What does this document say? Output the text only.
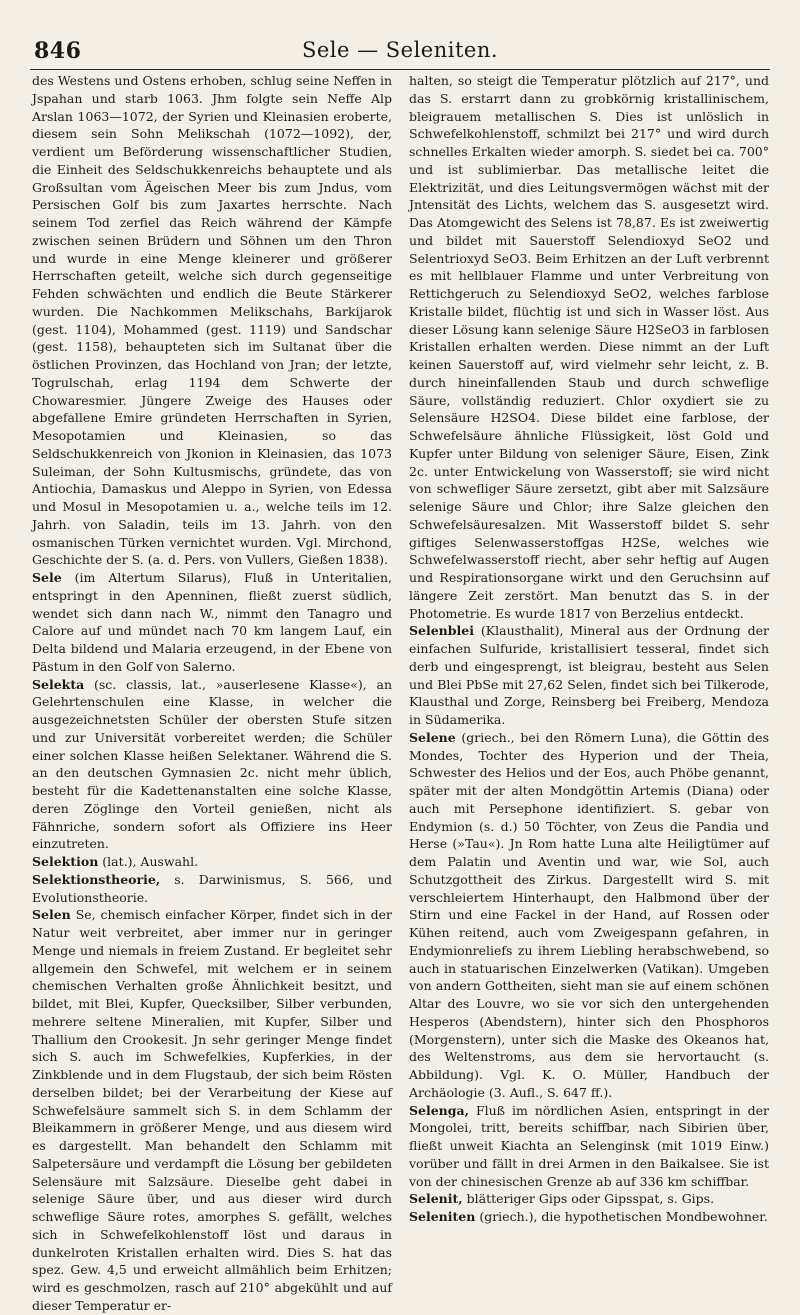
846	Sele — Seleniten.

des Westens und Ostens erhoben, schlug seine Neffen in Jspahan und starb 1063. Jhm folgte sein Neffe Alp Arslan 1063—1072, der Syrien und Kleinasien eroberte, diesem sein Sohn Melikschah (1072—1092), der, verdient um Beförderung wissenschaftlicher Studien, die Einheit des Seldschukkenreichs behauptete und als Großsultan vom Ägeischen Meer bis zum Jndus, vom Persischen Golf bis zum Jaxartes herrschte. Nach seinem Tod zerfiel das Reich während der Kämpfe zwischen seinen Brüdern und Söhnen um den Thron und wurde in eine Menge kleinerer und größerer Herrschaften geteilt, welche sich durch gegenseitige Fehden schwächten und endlich die Beute Stärkerer wurden. Die Nachkommen Melikschahs, Barkijarok (gest. 1104), Mohammed (gest. 1119) und Sandschar (gest. 1158), behaupteten sich im Sultanat über die östlichen Provinzen, das Hochland von Jran; der letzte, Togrulschah, erlag 1194 dem Schwerte der Chowaresmier. Jüngere Zweige des Hauses oder abgefallene Emire gründeten Herrschaften in Syrien, Mesopotamien und Kleinasien, so das Seldschukkenreich von Jkonion in Kleinasien, das 1073 Suleiman, der Sohn Kultusmischs, gründete, das von Antiochia, Damaskus und Aleppo in Syrien, von Edessa und Mosul in Mesopotamien u. a., welche teils im 12. Jahrh. von Saladin, teils im 13. Jahrh. von den osmanischen Türken vernichtet wurden. Vgl. Mirchond, Geschichte der S. (a. d. Pers. von Vullers, Gießen 1838).

Sele (im Altertum Silarus), Fluß in Unteritalien, entspringt in den Apenninen, fließt zuerst südlich, wendet sich dann nach W., nimmt den Tanagro und Calore auf und mündet nach 70 km langem Lauf, ein Delta bildend und Malaria erzeugend, in der Ebene von Pästum in den Golf von Salerno.

Selekta (sc. classis, lat., »auserlesene Klasse«), an Gelehrtenschulen eine Klasse, in welcher die ausgezeichnetsten Schüler der obersten Stufe sitzen und zur Universität vorbereitet werden; die Schüler einer solchen Klasse heißen Selektaner. Während die S. an den deutschen Gymnasien 2c. nicht mehr üblich, besteht für die Kadettenanstalten eine solche Klasse, deren Zöglinge den Vorteil genießen, nicht als Fähnriche, sondern sofort als Offiziere ins Heer einzutreten.

Selektion (lat.), Auswahl.

Selektionstheorie, s. Darwinismus, S. 566, und Evolutionstheorie.

Selen Se, chemisch einfacher Körper, findet sich in der Natur weit verbreitet, aber immer nur in geringer Menge und niemals in freiem Zustand. Er begleitet sehr allgemein den Schwefel, mit welchem er in seinem chemischen Verhalten große Ähnlichkeit besitzt, und bildet, mit Blei, Kupfer, Quecksilber, Silber verbunden, mehrere seltene Mineralien, mit Kupfer, Silber und Thallium den Crookesit. Jn sehr geringer Menge findet sich S. auch im Schwefelkies, Kupferkies, in der Zinkblende und in dem Flugstaub, der sich beim Rösten derselben bildet; bei der Verarbeitung der Kiese auf Schwefelsäure sammelt sich S. in dem Schlamm der Bleikammern in größerer Menge, und aus diesem wird es dargestellt. Man behandelt den Schlamm mit Salpetersäure und verdampft die Lösung ber gebildeten Selensäure mit Salzsäure. Dieselbe geht dabei in selenige Säure über, und aus dieser wird durch schweflige Säure rotes, amorphes S. gefällt, welches sich in Schwefelkohlenstoff löst und daraus in dunkelroten Kristallen erhalten wird. Dies S. hat das spez. Gew. 4,5 und erweicht allmählich beim Erhitzen; wird es geschmolzen, rasch auf 210° abgekühlt und auf dieser Temperatur er-

halten, so steigt die Temperatur plötzlich auf 217°, und das S. erstarrt dann zu grobkörnig kristallinischem, bleigrauem metallischen S. Dies ist unlöslich in Schwefelkohlenstoff, schmilzt bei 217° und wird durch schnelles Erkalten wieder amorph. S. siedet bei ca. 700° und ist sublimierbar. Das metallische leitet die Elektrizität, und dies Leitungsvermögen wächst mit der Jntensität des Lichts, welchem das S. ausgesetzt wird. Das Atomgewicht des Selens ist 78,87. Es ist zweiwertig und bildet mit Sauerstoff Selendioxyd SeO2 und Selentrioxyd SeO3. Beim Erhitzen an der Luft verbrennt es mit hellblauer Flamme und unter Verbreitung von Rettichgeruch zu Selendioxyd SeO2, welches farblose Kristalle bildet, flüchtig ist und sich in Wasser löst. Aus dieser Lösung kann selenige Säure H2SeO3 in farblosen Kristallen erhalten werden. Diese nimmt an der Luft keinen Sauerstoff auf, wird vielmehr sehr leicht, z. B. durch hineinfallenden Staub und durch schweflige Säure, vollständig reduziert. Chlor oxydiert sie zu Selensäure H2SO4. Diese bildet eine farblose, der Schwefelsäure ähnliche Flüssigkeit, löst Gold und Kupfer unter Bildung von seleniger Säure, Eisen, Zink 2c. unter Entwickelung von Wasserstoff; sie wird nicht von schwefliger Säure zersetzt, gibt aber mit Salzsäure selenige Säure und Chlor; ihre Salze gleichen den Schwefelsäuresalzen. Mit Wasserstoff bildet S. sehr giftiges Selenwasserstoffgas H2Se, welches wie Schwefelwasserstoff riecht, aber sehr heftig auf Augen und Respirationsorgane wirkt und den Geruchsinn auf längere Zeit zerstört. Man benutzt das S. in der Photometrie. Es wurde 1817 von Berzelius entdeckt.

Selenblei (Klausthalit), Mineral aus der Ordnung der einfachen Sulfuride, kristallisiert tesseral, findet sich derb und eingesprengt, ist bleigrau, besteht aus Selen und Blei PbSe mit 27,62 Selen, findet sich bei Tilkerode, Klausthal und Zorge, Reinsberg bei Freiberg, Mendoza in Südamerika.

Selene (griech., bei den Römern Luna), die Göttin des Mondes, Tochter des Hyperion und der Theia, Schwester des Helios und der Eos, auch Phöbe genannt, später mit der alten Mondgöttin Artemis (Diana) oder auch mit Persephone identifiziert. S. gebar von Endymion (s. d.) 50 Töchter, von Zeus die Pandia und Herse (»Tau«). Jn Rom hatte Luna alte Heiligtümer auf dem Palatin und Aventin und war, wie Sol, auch Schutzgottheit des Zirkus. Dargestellt wird S. mit verschleiertem Hinterhaupt, den Halbmond über der Stirn und eine Fackel in der Hand, auf Rossen oder Kühen reitend, auch vom Zweigespann gefahren, in Endymionreliefs zu ihrem Liebling herabschwebend, so auch in statuarischen Einzelwerken (Vatikan). Umgeben von andern Gottheiten, sieht man sie auf einem schönen Altar des Louvre, wo sie vor sich den untergehenden Hesperos (Abendstern), hinter sich den Phosphoros (Morgenstern), unter sich die Maske des Okeanos hat, des Weltenstroms, aus dem sie hervortaucht (s. Abbildung). Vgl. K. O. Müller, Handbuch der Archäologie (3. Aufl., S. 647 ff.).

Selenga, Fluß im nördlichen Asien, entspringt in der Mongolei, tritt, bereits schiffbar, nach Sibirien über, fließt unweit Kiachta an Selenginsk (mit 1019 Einw.) vorüber und fällt in drei Armen in den Baikalsee. Sie ist von der chinesischen Grenze ab auf 336 km schiffbar.

Selenit, blätteriger Gips oder Gipsspat, s. Gips.

Seleniten (griech.), die hypothetischen Mondbewohner.
